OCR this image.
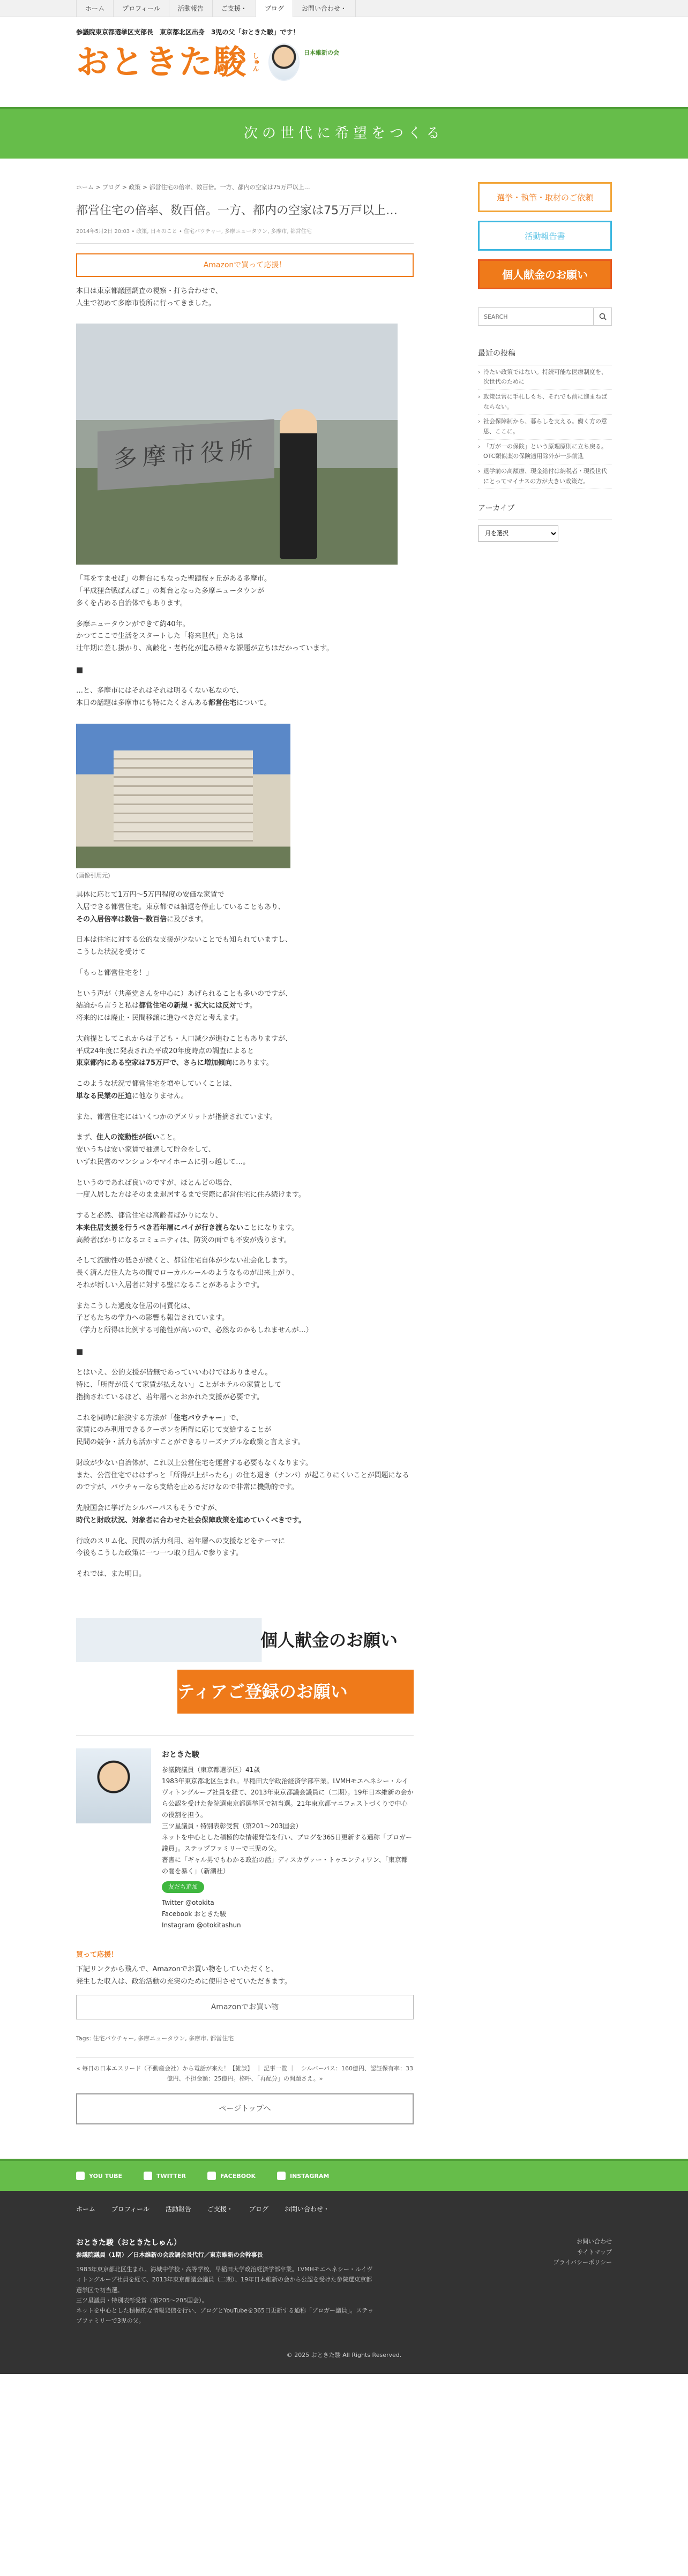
ホーム	プロフィール	活動報告	ご支援・	ブログ	お問い合わせ・
参議院東京都選挙区支部長　東京都北区出身　3児の父「おときた駿」です！
おときた駿 しゅん	日本維新の会
次の世代に希望をつくる
ホーム > ブログ > 政策 > 都営住宅の倍率、数百倍。一方、都内の空家は75万戸以上…
都営住宅の倍率、数百倍。一方、都内の空家は75万戸以上…
2014年5月2日 20:03 • 政策, 日々のこと • 住宅バウチャー, 多摩ニュータウン, 多摩市, 都営住宅
Amazonで買って応援！
本日は東京都議団調査の視察・打ち合わせで、
人生で初めて多摩市役所に行ってきました。
多摩市役所
「耳をすませば」の舞台にもなった聖蹟桜ヶ丘がある多摩市。
「平成狸合戦ぽんぽこ」の舞台となった多摩ニュータウンが
多くを占める自治体でもあります。
多摩ニュータウンができて約40年。
かつてここで生活をスタートした「将来世代」たちは
壮年期に差し掛かり、高齢化・老朽化が進み様々な課題が立ちはだかっています。
■
…と、多摩市にはそれはそれは明るくない私なので、
本日の話題は多摩市にも特にたくさんある都営住宅について。
(画像引用元)
具体に応じて1万円〜5万円程度の安価な家賃で
入居できる都営住宅。東京都では抽選を停止していることもあり、
その入居倍率は数倍〜数百倍に及びます。
日本は住宅に対する公的な支援が少ないことでも知られていますし、
こうした状況を受けて
「もっと都営住宅を！」
という声が（共産党さんを中心に）あげられることも多いのですが、
結論から言うと私は都営住宅の新規・拡大には反対です。
将来的には廃止・民間移譲に進むべきだと考えます。
大前提としてこれからは子ども・人口減少が進むこともありますが、
平成24年度に発表された平成20年度時点の調査によると
東京都内にある空家は75万戸で、さらに増加傾向にあります。
このような状況で都営住宅を増やしていくことは、
単なる民業の圧迫に他なりません。
また、都営住宅にはいくつかのデメリットが指摘されています。
まず、住人の流動性が低いこと。
安いうちは安い家賃で抽選して貯金をして、
いずれ民営のマンションやマイホームに引っ越して…。
というのであれば良いのですが、ほとんどの場合、
一度入居した方はそのまま退居するまで実際に都営住宅に住み続けます。
すると必然、都営住宅は高齢者ばかりになり、
本来住居支援を行うべき若年層にパイが行き渡らないことになります。
高齢者ばかりになるコミュニティは、防災の面でも不安が残ります。
そして流動性の低さが続くと、都営住宅自体が少ない社会化します。
長く済んだ住人たちの間でローカルルールのようなものが出来上がり、
それが新しい入居者に対する壁になることがあるようです。
またこうした過度な住居の同質化は、
子どもたちの学力への影響も報告されています。
（学力と所得は比例する可能性が高いので、必然なのかもしれませんが…）
■
とはいえ、公的支援が皆無であっていいわけではありません。
特に、「所得が低くて家賃が払えない」ことがホテルの家賃として
指摘されているほど、若年層へとおかれた支援が必要です。
これを同時に解決する方法が「住宅バウチャー」で、
家賃にのみ利用できるクーポンを所得に応じて支給することが
民間の競争・活力も活かすことができるリーズナブルな政策と言えます。
財政が少ない自治体が、これ以上公営住宅を運営する必要もなくなります。
また、公営住宅でははずっと「所得が上がったら」の住ち退き（ナンパ）が起こりにくいことが問題になるのですが、バウチャーなら支給を止めるだけなので非常に機動的です。
先般国会に挙げたシルバーパスもそうですが、
時代と財政状況、対象者に合わせた社会保障政策を進めていくべきです。
行政のスリム化、民間の活力利用、若年層への支援などをテーマに
今後もこうした政策に一つ一つ取り組んで参ります。
それでは、また明日。
個人献金のお願い
ボランティアご登録のお願い
おときた駿
参議院議員（東京都選挙区）41歳
1983年東京都北区生まれ。早稲田大学政治経済学部卒業。LVMHモエヘネシー・ルイヴィトングループ社員を経て、2013年東京都議会議員に（二期）。19年日本維新の会から公認を受けた参院選東京都選挙区で初当選。21年東京都マニフェストづくりで中心の役割を担う。
三ツ星議員・特別表彰受賞（第201〜203国会）
ネットを中心とした積極的な情報発信を行い、ブログを365日更新する通称「ブロガー議員」。ステップファミリーで三児の父。
著書に「ギャル男でもわかる政治の話」ディスカヴァー・トゥエンティワン、「東京都の闇を暴く」（新潮社）
友だち追加
Twitter @otokita
Facebook おときた駿
Instagram @otokitashun
買って応援！
下記リンクから飛んで、Amazonでお買い物をしていただくと、
発生した収入は、政治活動の充実のために使用させていただきます。
Amazonでお買い物
Tags: 住宅バウチャー, 多摩ニュータウン, 多摩市, 都営住宅
« 毎日の日本エスリード（不動産会社）から電話が来た！【雑談】　｜ 記事一覧 ｜　シルバーパス：160億円、認証保有率：33億円、不担金額：25億円。格呼、「再配分」の問題さえ。»
ページトップへ
選挙・執筆・取材のご依頼
活動報告書
個人献金のお願い
SEARCH
最近の投稿
› 冷たい政策ではない。持続可能な医療制度を、次世代のために
› 政策は常に手札しもち、それでも前に進まねばならない。
› 社会保障制から、暮らしを支える。働く方の意思、ここに。
› 「万が一の保険」という原理原則に立ち戻る。OTC類似薬の保険適用除外が一歩前進
› 退学前の高額療、現金給付は納税者・現役世代にとってマイナスの方が大きい政策だ。
アーカイブ
月を選択
YOU TUBE	TWITTER	FACEBOOK	INSTAGRAM
ホーム	プロフィール	活動報告	ご支援・	ブログ	お問い合わせ・
おときた駿（おときたしゅん）
参議院議員（1期）／日本維新の会政調会長代行／東京維新の会幹事長
1983年東京都北区生まれ。海城中学校・高等学校、早稲田大学政治経済学部卒業。LVMHモエヘネシー・ルイヴィトングループ社員を経て、2013年東京都議会議員（二期）、19年日本維新の会から公認を受けた参院選東京都選挙区で初当選。
三ツ星議員・特別表彰受賞（第205〜205国会）。
ネットを中心とした積極的な情報発信を行い、ブログとYouTubeを365日更新する通称「ブロガー議員」。ステップファミリーで3児の父。
お問い合わせ
サイトマップ
プライバシーポリシー
© 2025 おときた駿 All Rights Reserved.
